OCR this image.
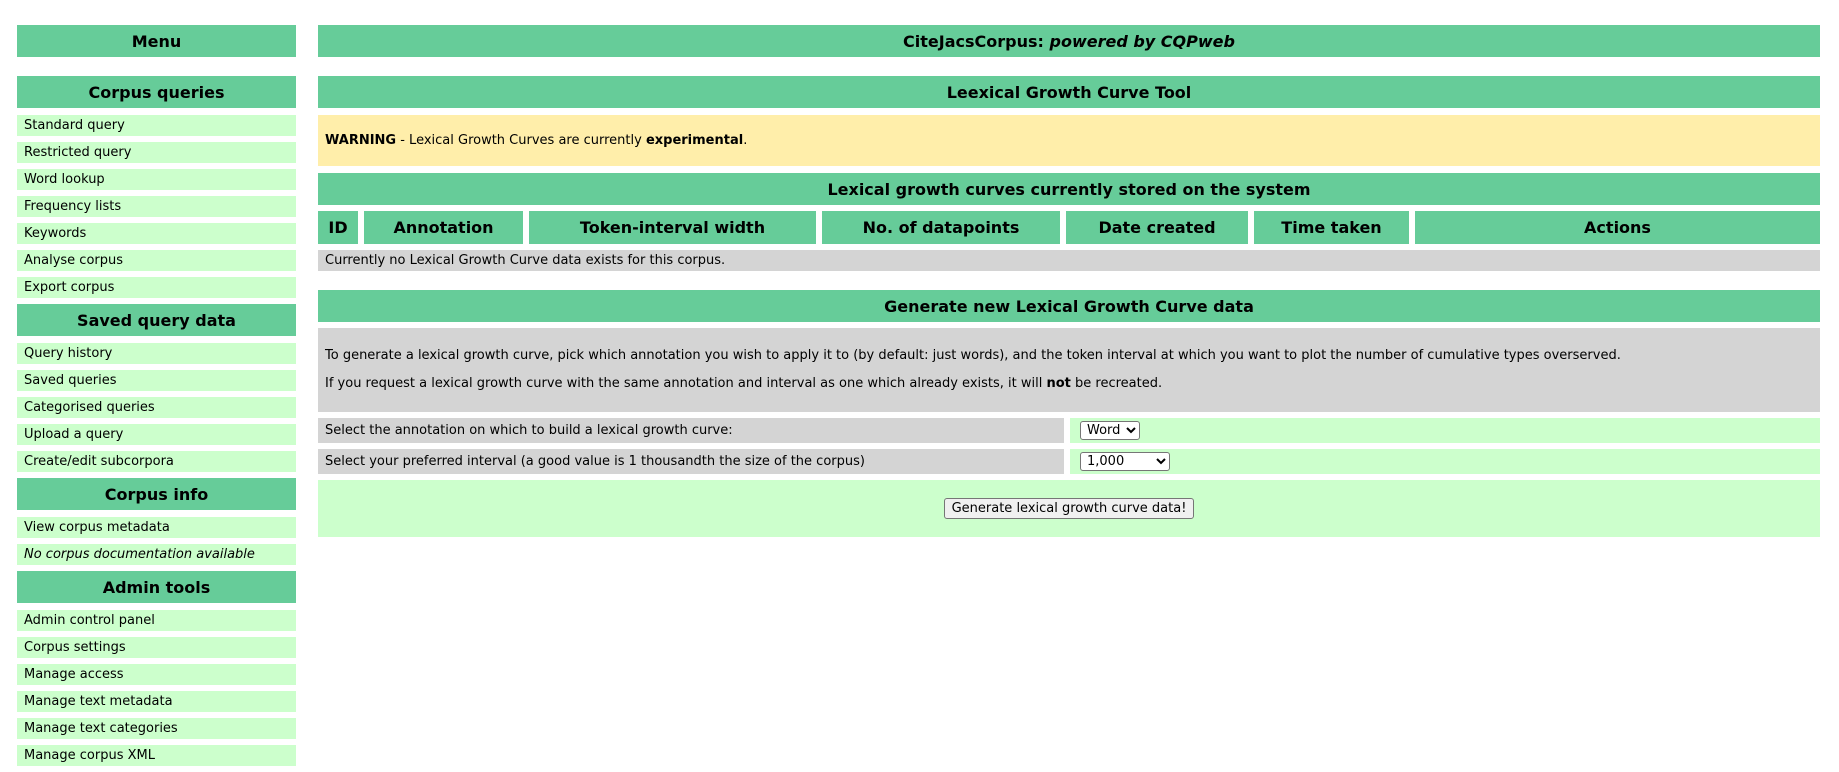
Menu
Corpus queries
Standard query
Restricted query
Word lookup
Frequency lists
Keywords
Analyse corpus
Export corpus
Saved query data
Query history
Saved queries
Categorised queries
Upload a query
Create/edit subcorpora
Corpus info
View corpus metadata
No corpus documentation available
Admin tools
Admin control panel
Corpus settings
Manage access
Manage text metadata
Manage text categories
Manage corpus XML
CiteJacsCorpus:
powered by CQPweb
Leexical Growth Curve Tool
WARNING - Lexical Growth Curves are currently experimental.
Lexical growth curves currently stored on the system
ID	Annotation	Token-interval width	No. of datapoints	Date created	Time taken	Actions
Currently no Lexical Growth Curve data exists for this corpus.
Generate new Lexical Growth Curve data

To generate a lexical growth curve, pick which annotation you wish to apply it to (by default: just words), and the token interval at which you want to plot the number of cumulative types overserved.

If you request a lexical growth curve with the same annotation and interval as one which already exists, it will not be recreated.

Select the annotation on which to build a lexical growth curve:
Word
Select your preferred interval (a good value is 1 thousandth the size of the corpus)
1,000
Generate lexical growth curve data!
